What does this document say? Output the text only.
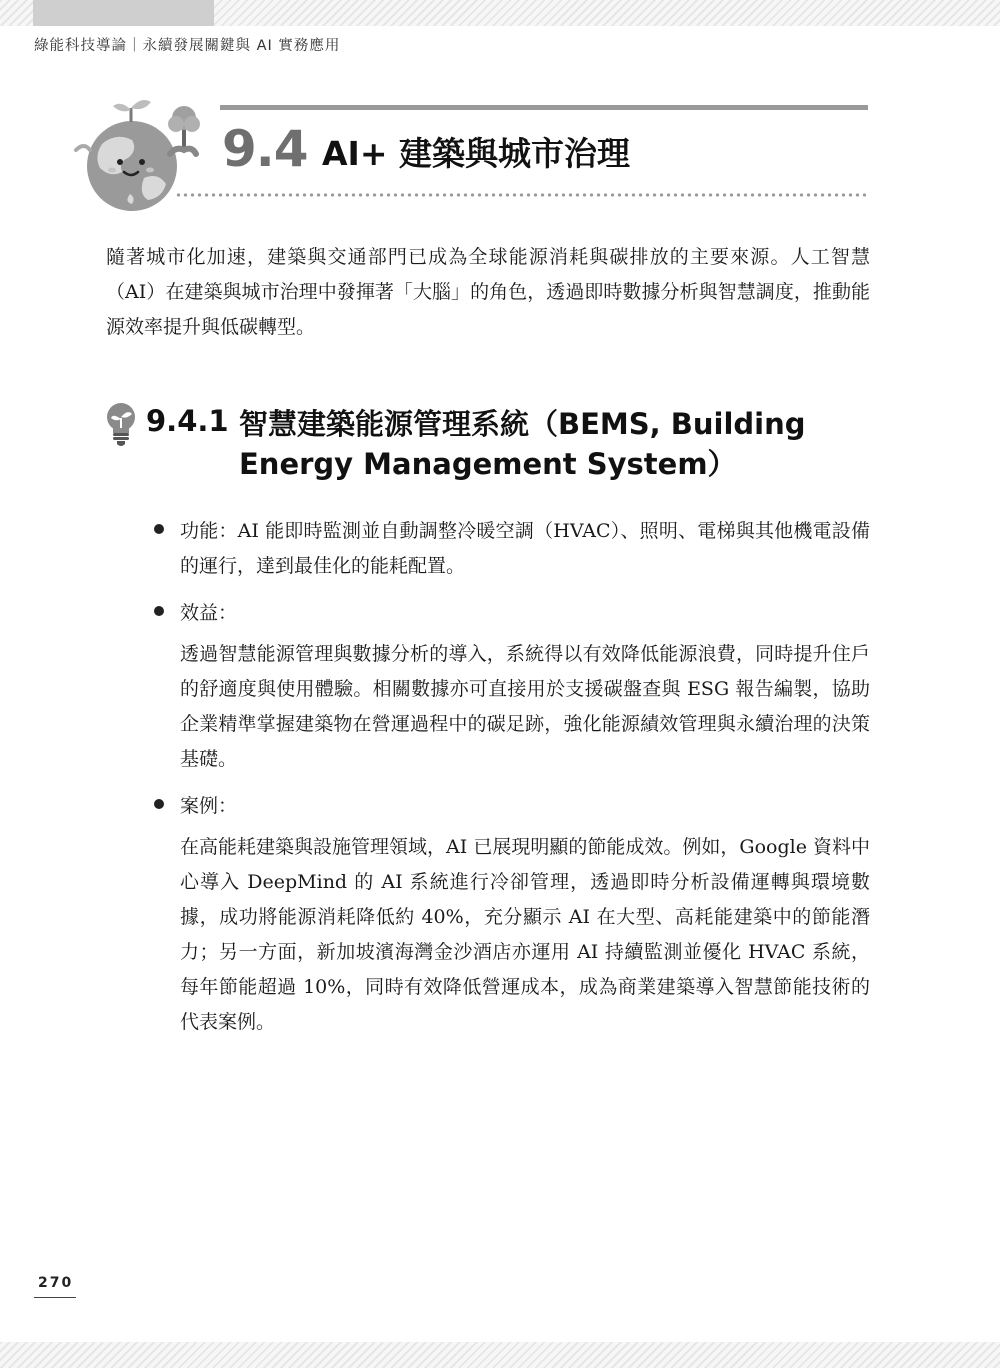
綠能科技導論｜永續發展關鍵與 AI 實務應用
9.4 AI+ 建築與城市治理

隨著城市化加速，建築與交通部門已成為全球能源消耗與碳排放的主要來源。人工智慧（AI）在建築與城市治理中發揮著「大腦」的角色，透過即時數據分析與智慧調度，推動能源效率提升與低碳轉型。

9.4.1 智慧建築能源管理系統（BEMS, Building Energy Management System）

功能：AI 能即時監測並自動調整冷暖空調（HVAC）、照明、電梯與其他機電設備的運行，達到最佳化的能耗配置。

效益：

透過智慧能源管理與數據分析的導入，系統得以有效降低能源浪費，同時提升住戶的舒適度與使用體驗。相關數據亦可直接用於支援碳盤查與 ESG 報告編製，協助企業精準掌握建築物在營運過程中的碳足跡，強化能源績效管理與永續治理的決策基礎。

案例：

在高能耗建築與設施管理領域，AI 已展現明顯的節能成效。例如，Google 資料中心導入 DeepMind 的 AI 系統進行冷卻管理，透過即時分析設備運轉與環境數據，成功將能源消耗降低約 40%，充分顯示 AI 在大型、高耗能建築中的節能潛力；另一方面，新加坡濱海灣金沙酒店亦運用 AI 持續監測並優化 HVAC 系統，每年節能超過 10%，同時有效降低營運成本，成為商業建築導入智慧節能技術的代表案例。

270
